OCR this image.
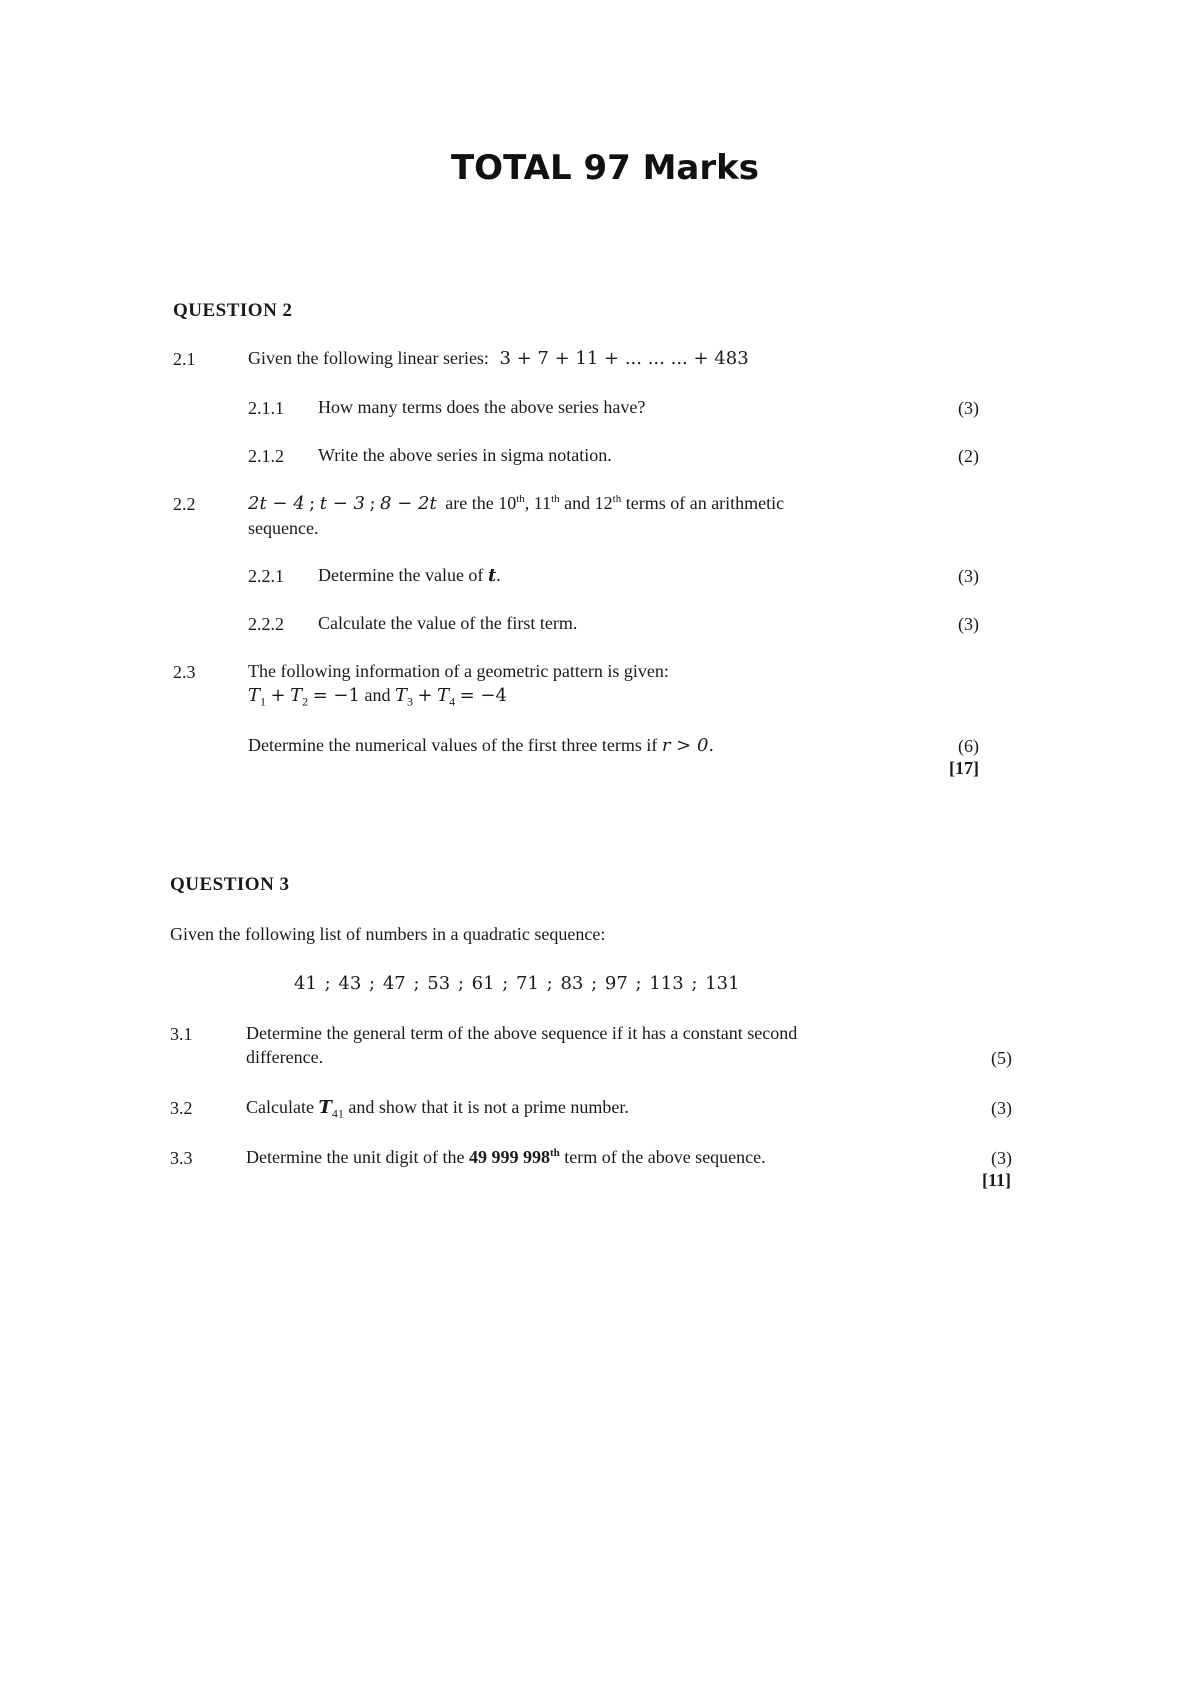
TOTAL 97 Marks
QUESTION 2
2.1	Given the following linear series: 3 + 7 + 11 + ... ... ... + 483
2.1.1 How many terms does the above series have?	(3)
2.1.2 Write the above series in sigma notation.	(2)
2.2	2t − 4 ; t − 3 ; 8 − 2t are the 10th, 11th and 12th terms of an arithmetic
sequence.
2.2.1 Determine the value of t.	(3)
2.2.2 Calculate the value of the first term.	(3)
2.3	The following information of a geometric pattern is given:
$T_1 + T_2 = -1$ and $T_3 + T_4 = -4$
Determine the numerical values of the first three terms if r > 0.	(6)
[17]
QUESTION 3
Given the following list of numbers in a quadratic sequence:
41 ; 43 ; 47 ; 53 ; 61 ; 71 ; 83 ; 97 ; 113 ; 131
3.1	Determine the general term of the above sequence if it has a constant second
difference.	(5)
3.2	Calculate $T_{41}$ and show that it is not a prime number.	(3)
3.3	Determine the unit digit of the 49 999 998th term of the above sequence.	(3)
[11]
